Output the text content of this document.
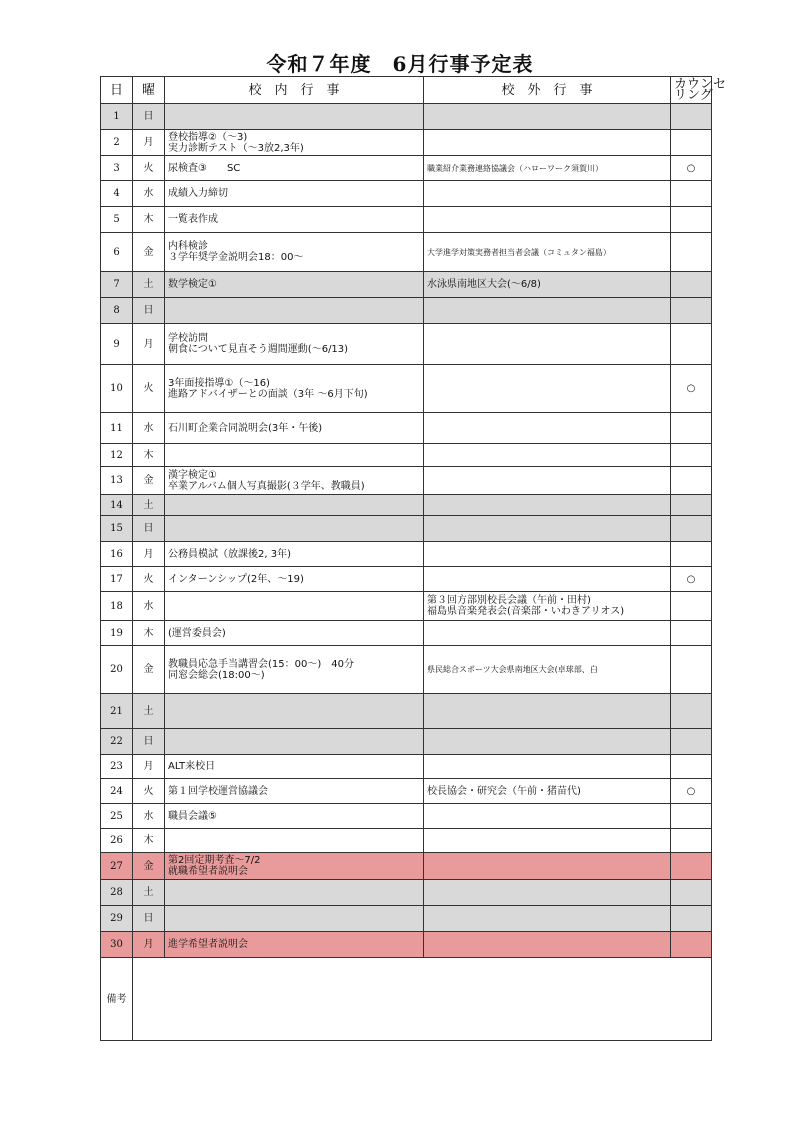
令和７年度　6月行事予定表
日	曜	校　内　行　事	校　外　行　事	カウンセ
リング

1	日			
2	月	登校指導②（～3)
実力診断テスト（～3放2,3年)		

3	火	尿検査③　　SC	職業紹介業務連絡協議会（ハローワーク須賀川）	○
4	水	成績入力締切		

5	木	一覧表作成		

6	金	内科検診
３学年奨学金説明会18：00～	大学進学対策実務者担当者会議（コミュタン福島）	

7	土	数学検定①	水泳県南地区大会(～6/8)	

8	日			
9	月	学校訪問
朝食について見直そう週間運動(～6/13)		

10	火	3年面接指導①（～16)
進路アドバイザーとの面談（3年 ～6月下旬)		○
11	水	石川町企業合同説明会(3年・午後)		

12	木			
13	金	漢字検定①
卒業アルバム個人写真撮影(３学年、教職員)		

14	土			
15	日			
16	月	公務員模試（放課後2, 3年)		

17	火	インターンシップ(2年、～19)		○
18	水		第３回方部別校長会議（午前・田村)
福島県音楽発表会(音楽部・いわきアリオス)	

19	木	(運営委員会)		

20	金	教職員応急手当講習会(15：00～)　40分
同窓会総会(18:00～)	県民総合スポーツ大会県南地区大会(卓球部、白	

21	土			
22	日			
23	月	ALT来校日		

24	火	第１回学校運営協議会	校長協会・研究会（午前・猪苗代)	○
25	水	職員会議⑤		

26	木			
27	金	第2回定期考査～7/2
就職希望者説明会		

28	土			
29	日			
30	月	進学希望者説明会		

備考				
